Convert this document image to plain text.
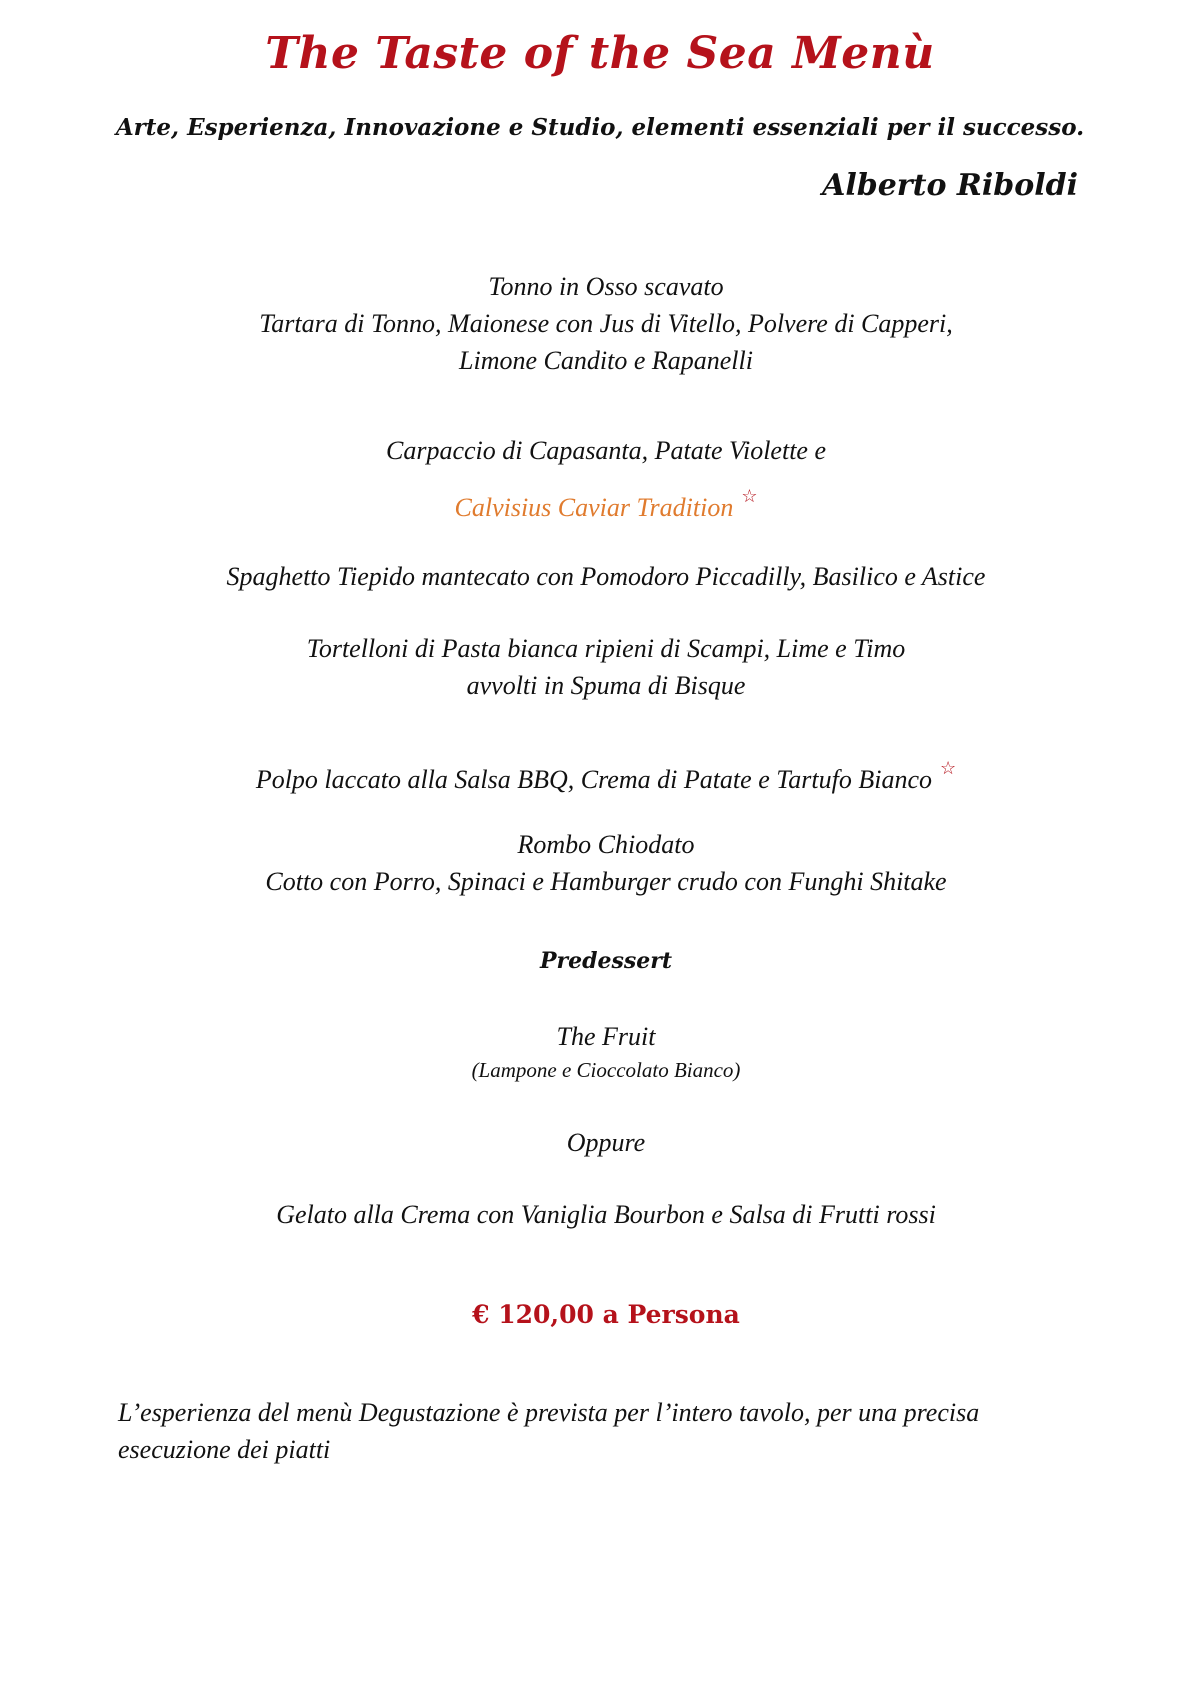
The Taste of the Sea Menù
Arte, Esperienza, Innovazione e Studio, elementi essenziali per il successo.
Alberto Riboldi
Tonno in Osso scavato
Tartara di Tonno, Maionese con Jus di Vitello, Polvere di Capperi,
Limone Candito e Rapanelli
Carpaccio di Capasanta, Patate Violette e
Calvisius Caviar Tradition ☆
Spaghetto Tiepido mantecato con Pomodoro Piccadilly, Basilico e Astice
Tortelloni di Pasta bianca ripieni di Scampi, Lime e Timo
avvolti in Spuma di Bisque
Polpo laccato alla Salsa BBQ, Crema di Patate e Tartufo Bianco ☆
Rombo Chiodato
Cotto con Porro, Spinaci e Hamburger crudo con Funghi Shitake
Predessert
The Fruit
(Lampone e Cioccolato Bianco)
Oppure
Gelato alla Crema con Vaniglia Bourbon e Salsa di Frutti rossi
€ 120,00 a Persona
L’esperienza del menù Degustazione è prevista per l’intero tavolo, per una precisa esecuzione dei piatti
